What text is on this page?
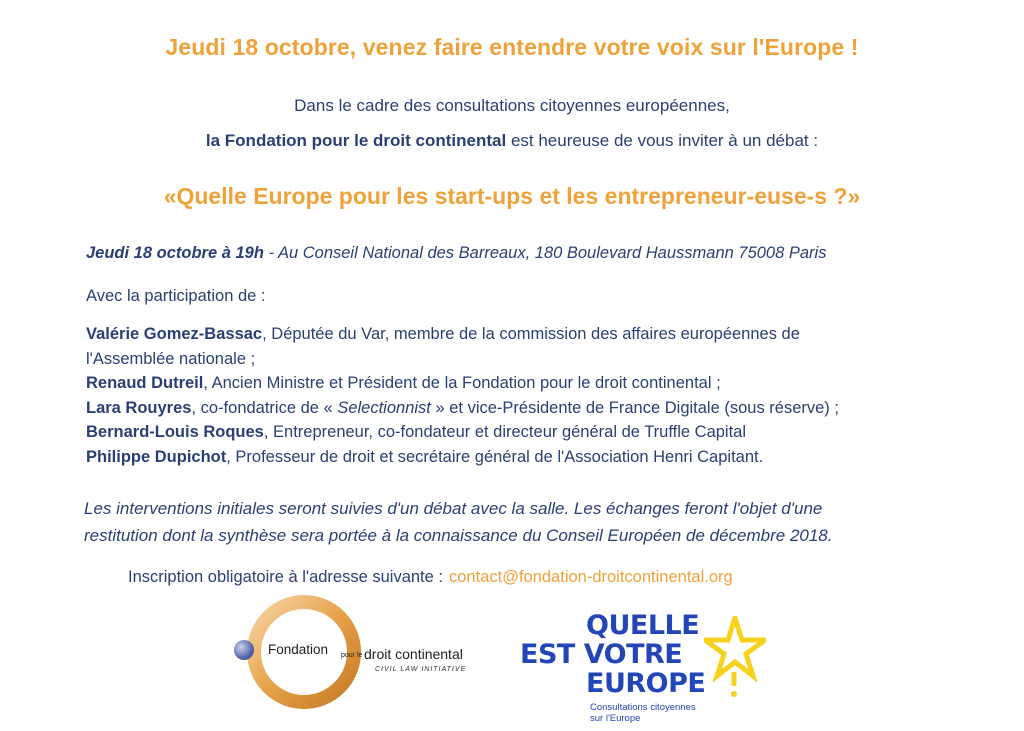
Jeudi 18 octobre, venez faire entendre votre voix sur l'Europe !
Dans le cadre des consultations citoyennes européennes,
la Fondation pour le droit continental est heureuse de vous inviter à un débat :
«Quelle Europe pour les start-ups et les entrepreneur-euse-s ?»
Jeudi 18 octobre à 19h - Au Conseil National des Barreaux, 180 Boulevard Haussmann 75008 Paris
Avec la participation de :
Valérie Gomez-Bassac, Députée du Var, membre de la commission des affaires européennes de
l'Assemblée nationale ;
Renaud Dutreil, Ancien Ministre et Président de la Fondation pour le droit continental ;
Lara Rouyres, co-fondatrice de « Selectionnist » et vice-Présidente de France Digitale (sous réserve) ;
Bernard-Louis Roques, Entrepreneur, co-fondateur et directeur général de Truffle Capital
Philippe Dupichot, Professeur de droit et secrétaire général de l'Association Henri Capitant.
Les interventions initiales seront suivies d'un débat avec la salle. Les échanges feront l'objet d'une
restitution dont la synthèse sera portée à la connaissance du Conseil Européen de décembre 2018.
Inscription obligatoire à l'adresse suivante : contact@fondation-droitcontinental.org
Fondation pour le droit continental
CIVIL LAW INITIATIVE
QUELLE
EST VOTRE
EUROPE
Consultations citoyennes
sur l'Europe
